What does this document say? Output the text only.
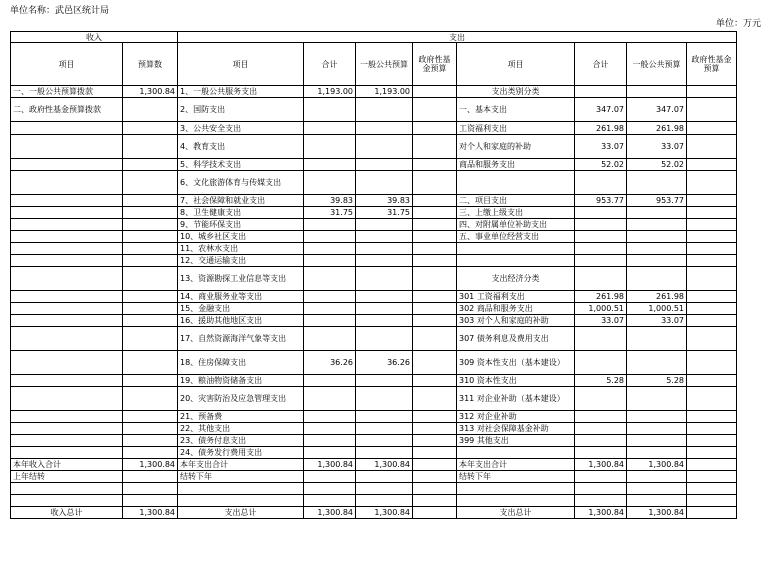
单位名称：武邑区统计局
单位：万元
收入		支出							
项目	预算数	项目	合计	一般公共预算	政府性基金预算	项目	合计	一般公共预算	政府性基金预算
一、一般公共预算拨款	1,300.84	1、一般公共服务支出	1,193.00	1,193.00		支出类别分类			
二、政府性基金预算拨款		2、国防支出				一、基本支出	347.07	347.07	
		3、公共安全支出				工资福利支出	261.98	261.98	
		4、教育支出				对个人和家庭的补助	33.07	33.07	
		5、科学技术支出				商品和服务支出	52.02	52.02	
		6、文化旅游体育与传媒支出							
		7、社会保障和就业支出	39.83	39.83		二、项目支出	953.77	953.77	
		8、卫生健康支出	31.75	31.75		三、上缴上级支出			
		9、节能环保支出				四、对附属单位补助支出			
		10、城乡社区支出				五、事业单位经营支出			
		11、农林水支出							
		12、交通运输支出							
		13、资源勘探工业信息等支出				支出经济分类			
		14、商业服务业等支出				301 工资福利支出	261.98	261.98	
		15、金融支出				302 商品和服务支出	1,000.51	1,000.51	
		16、援助其他地区支出				303 对个人和家庭的补助	33.07	33.07	
		17、自然资源海洋气象等支出				307 债务利息及费用支出			
		18、住房保障支出	36.26	36.26		309 资本性支出（基本建设）			
		19、粮油物资储备支出				310 资本性支出	5.28	5.28	
		20、灾害防治及应急管理支出				311 对企业补助（基本建设）			
		21、预备费				312 对企业补助			
		22、其他支出				313 对社会保障基金补助			
		23、债务付息支出				399 其他支出			
		24、债务发行费用支出							
本年收入合计	1,300.84	本年支出合计	1,300.84	1,300.84		本年支出合计	1,300.84	1,300.84	
上年结转		结转下年				结转下年			

收入总计	1,300.84	支出总计	1,300.84	1,300.84		支出总计	1,300.84	1,300.84	
